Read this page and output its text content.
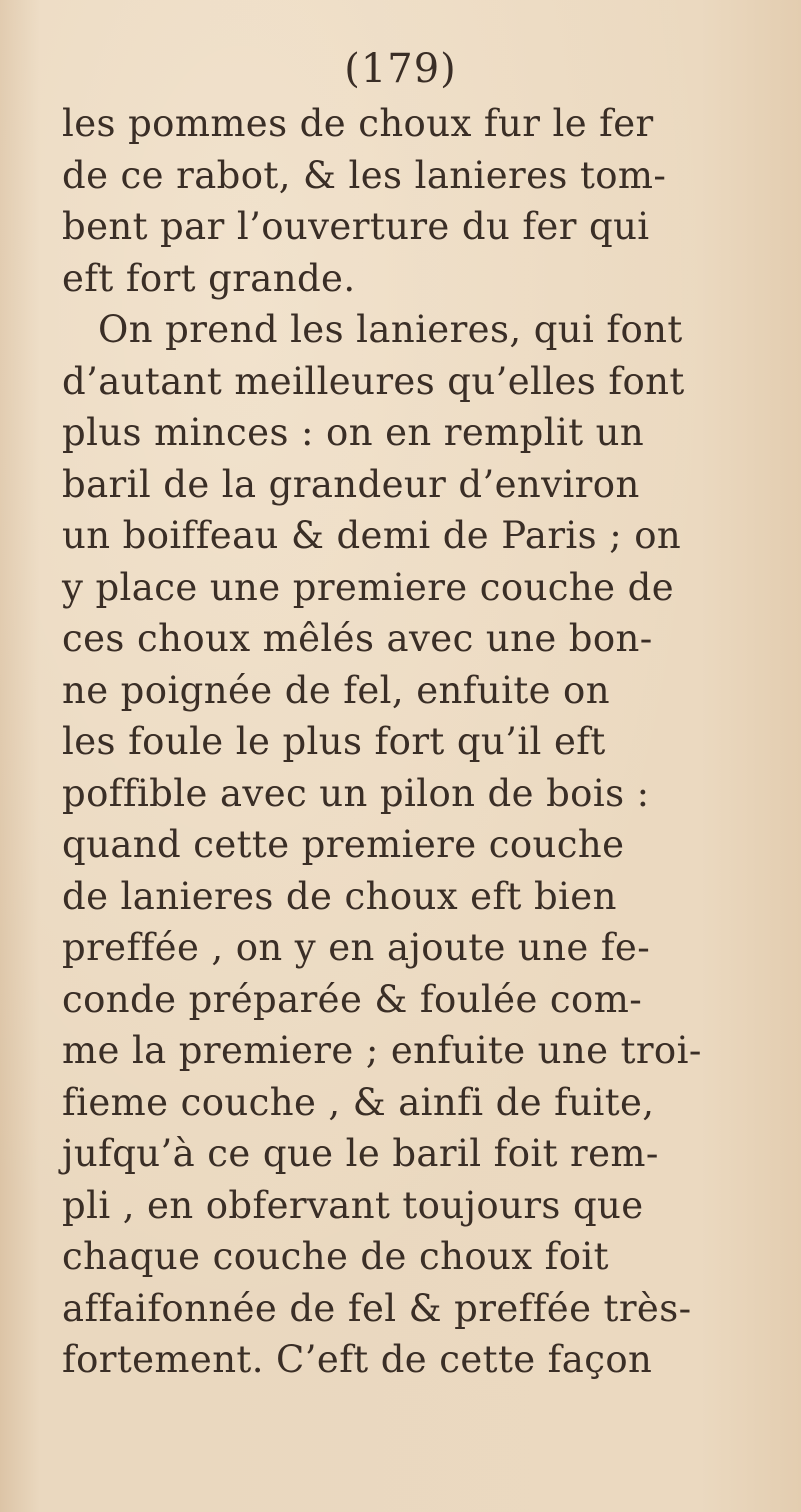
(179)
les pommes de choux fur le fer
de ce rabot, & les lanieres tom-
bent par l’ouverture du fer qui
eft fort grande.
On prend les lanieres, qui font
d’autant meilleures qu’elles font
plus minces : on en remplit un
baril de la grandeur d’environ
un boiffeau & demi de Paris ; on
y place une premiere couche de
ces choux mêlés avec une bon-
ne poignée de fel, enfuite on
les foule le plus fort qu’il eft
poffible avec un pilon de bois :
quand cette premiere couche
de lanieres de choux eft bien
preffée , on y en ajoute une fe-
conde préparée & foulée com-
me la premiere ; enfuite une troi-
fieme couche , & ainfi de fuite,
jufqu’à ce que le baril foit rem-
pli , en obfervant toujours que
chaque couche de choux foit
affaifonnée de fel & preffée très-
fortement. C’eft de cette façon
